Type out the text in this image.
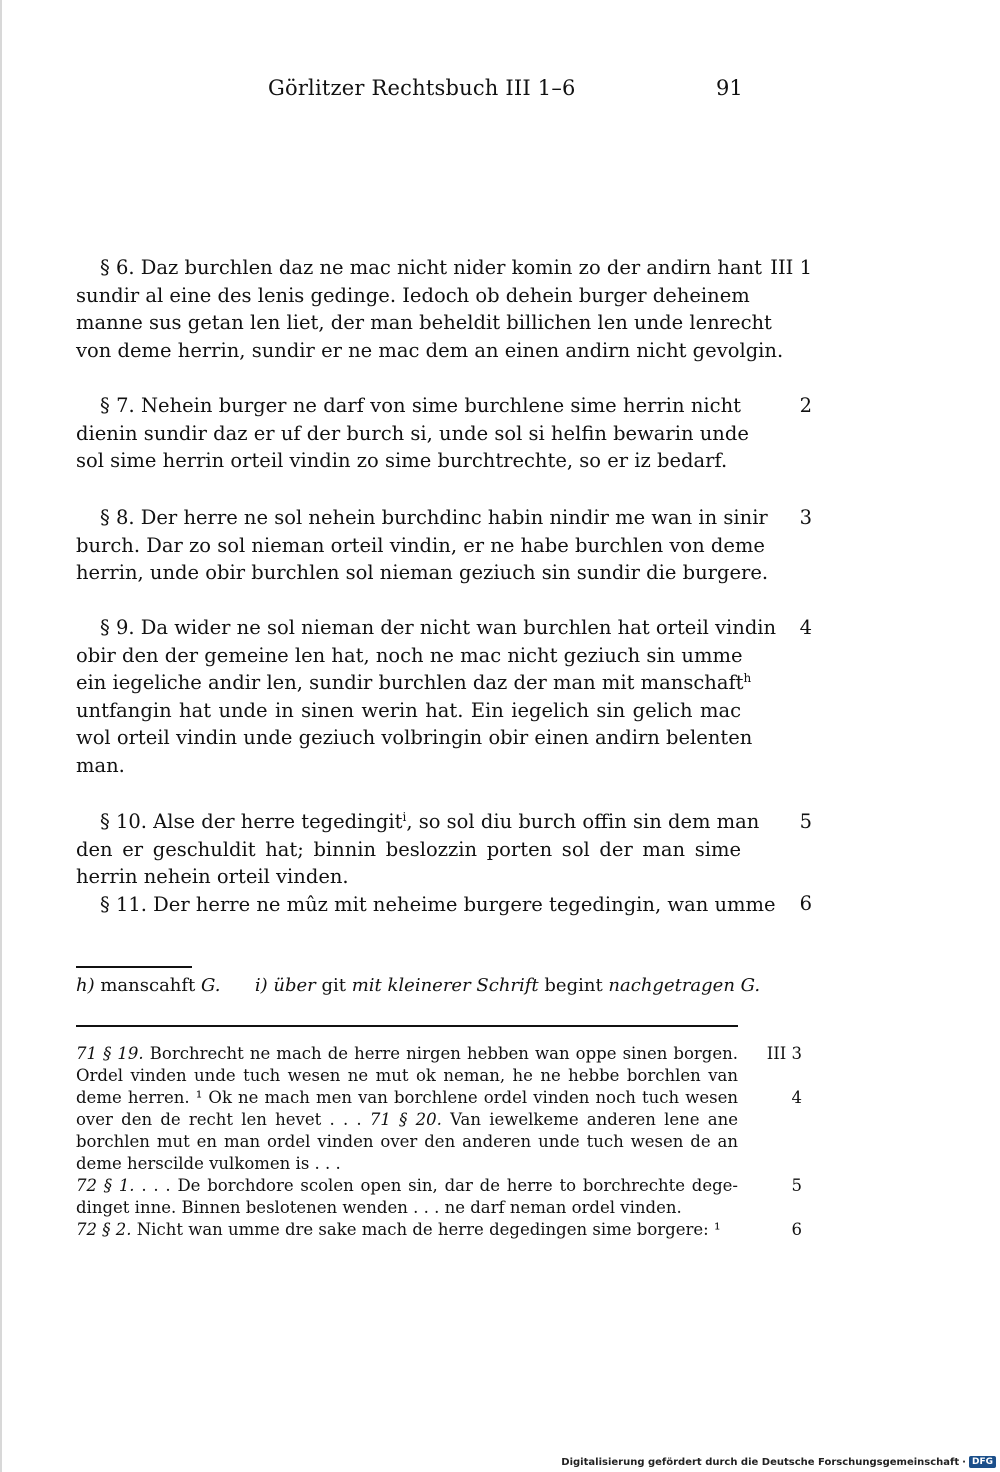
Görlitzer Rechtsbuch III 1–6	91
§ 6. Daz burchlen daz ne mac nicht nider komin zo der andirn hant
sundir al eine des lenis gedinge. Iedoch ob dehein burger deheinem
manne sus getan len liet, der man beheldit billichen len unde lenrecht
von deme herrin, sundir er ne mac dem an einen andirn nicht gevolgin.
III 1
§ 7. Nehein burger ne darf von sime burchlene sime herrin nicht
dienin sundir daz er uf der burch si, unde sol si helfin bewarin unde
sol sime herrin orteil vindin zo sime burchtrechte, so er iz bedarf.
2
§ 8. Der herre ne sol nehein burchdinc habin nindir me wan in sinir
burch. Dar zo sol nieman orteil vindin, er ne habe burchlen von deme
herrin, unde obir burchlen sol nieman geziuch sin sundir die burgere.
3
§ 9. Da wider ne sol nieman der nicht wan burchlen hat orteil vindin
obir den der gemeine len hat, noch ne mac nicht geziuch sin umme
ein iegeliche andir len, sundir burchlen daz der man mit manschaft$^h$
untfangin hat unde in sinen werin hat. Ein iegelich sin gelich mac
wol orteil vindin unde geziuch volbringin obir einen andirn belenten
man.
4
§ 10. Alse der herre tegedingit$^i$, so sol diu burch offin sin dem man
den er geschuldit hat; binnin beslozzin porten sol der man sime
herrin nehein orteil vinden.
§ 11. Der herre ne mûz mit neheime burgere tegedingin, wan umme
5
6
h) manscahft G. i) über git mit kleinerer Schrift begint nachgetragen G.
71 § 19. Borchrecht ne mach de herre nirgen hebben wan oppe sinen borgen.
Ordel vinden unde tuch wesen ne mut ok neman, he ne hebbe borchlen van
deme herren. ¹ Ok ne mach men van borchlene ordel vinden noch tuch wesen
over den de recht len hevet . . . 71 § 20. Van iewelkeme anderen lene ane
borchlen mut en man ordel vinden over den anderen unde tuch wesen de an
deme herscilde vulkomen is . . .
72 § 1. . . . De borchdore scolen open sin, dar de herre to borchrechte dege-
dinget inne. Binnen beslotenen wenden . . . ne darf neman ordel vinden.
72 § 2. Nicht wan umme dre sake mach de herre degedingen sime borgere: ¹
III 3
4
5
6
Digitalisierung gefördert durch die Deutsche Forschungsgemeinschaft · DFG
